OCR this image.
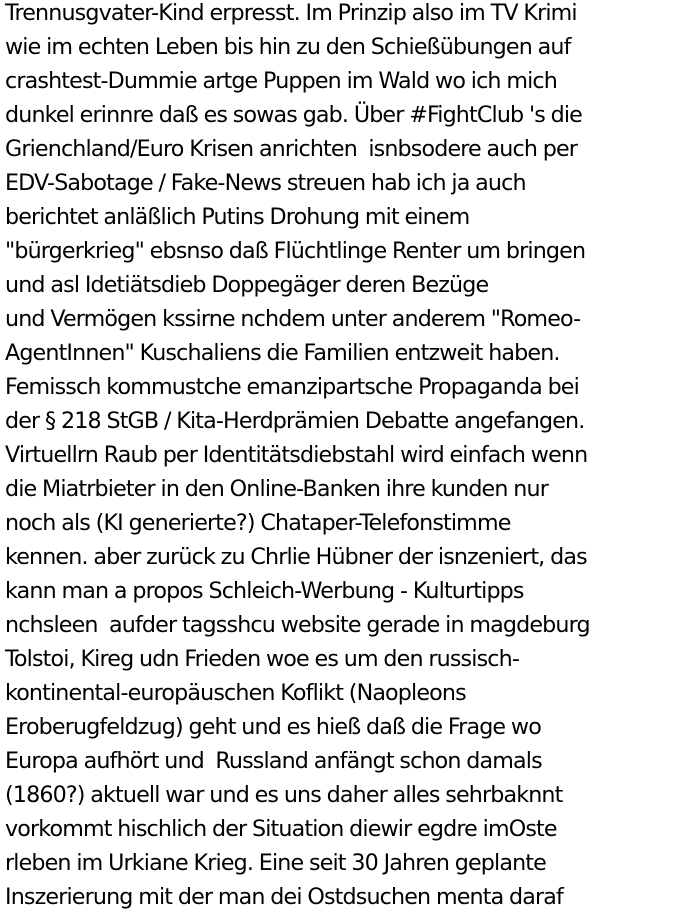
Trennusgvater-Kind erpresst. Im Prinzip also im TV Krimi
wie im echten Leben bis hin zu den Schießübungen auf
crashtest-Dummie artge Puppen im Wald wo ich mich
dunkel erinnre daß es sowas gab. Über #FightClub 's die
Grienchland/Euro Krisen anrichten  isnbsodere auch per
EDV-Sabotage / Fake-News streuen hab ich ja auch
berichtet anläßlich Putins Drohung mit einem
"bürgerkrieg" ebsnso daß Flüchtlinge Renter um bringen
und asl Idetiätsdieb Doppegäger deren Bezüge
und Vermögen kssirne nchdem unter anderem "Romeo-
AgentInnen" Kuschaliens die Familien entzweit haben.
Femissch kommustche emanzipartsche Propaganda bei
der § 218 StGB / Kita-Herdprämien Debatte angefangen.
Virtuellrn Raub per Identitätsdiebstahl wird einfach wenn
die Miatrbieter in den Online-Banken ihre kunden nur
noch als (KI generierte?) Chataper-Telefonstimme
kennen. aber zurück zu Chrlie Hübner der isnzeniert, das
kann man a propos Schleich-Werbung - Kulturtipps
nchsleen  aufder tagsshcu website gerade in magdeburg
Tolstoi, Kireg udn Frieden woe es um den russisch-
kontinental-europäuschen Koflikt (Naopleons
Eroberugfeldzug) geht und es hieß daß die Frage wo
Europa aufhört und  Russland anfängt schon damals
(1860?) aktuell war und es uns daher alles sehrbaknnt
vorkommt hischlich der Situation diewir egdre imOste
rleben im Urkiane Krieg. Eine seit 30 Jahren geplante
Inszerierung mit der man dei Ostdsuchen menta daraf
